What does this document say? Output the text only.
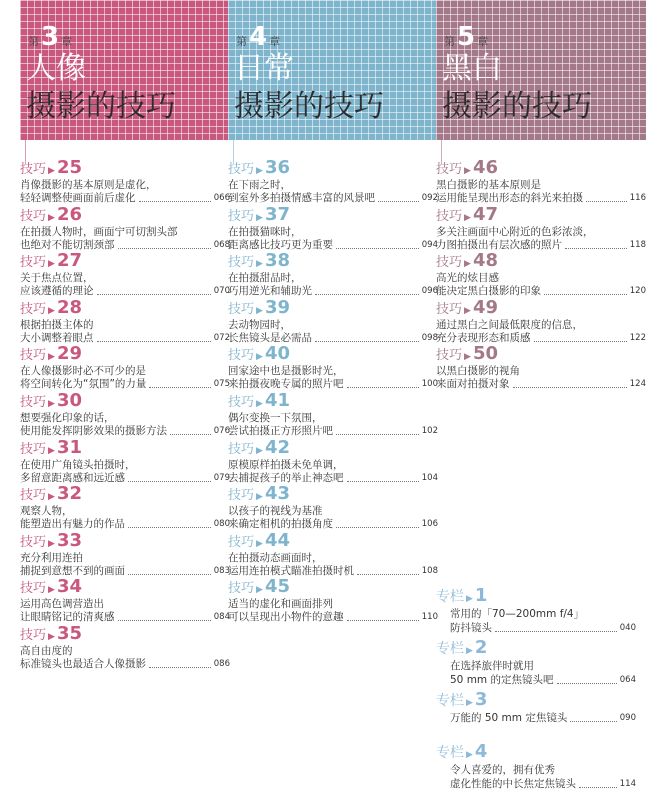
第 3 章
人像
摄影的技巧
技巧 ▶ 25
肖像摄影的基本原则是虚化，
轻轻调整使画面前后虚化	066
技巧 ▶ 26
在拍摄人物时，画面宁可切割头部
也绝对不能切割颈部	068
技巧 ▶ 27
关于焦点位置，
应该遵循的理论	070
技巧 ▶ 28
根据拍摄主体的
大小调整着眼点	072
技巧 ▶ 29
在人像摄影时必不可少的是
将空间转化为“氛围”的力量	075
技巧 ▶ 30
想要强化印象的话，
使用能发挥阴影效果的摄影方法	076
技巧 ▶ 31
在使用广角镜头拍摄时，
多留意距离感和远近感	079
技巧 ▶ 32
观察人物，
能塑造出有魅力的作品	080
技巧 ▶ 33
充分利用连拍
捕捉到意想不到的画面	083
技巧 ▶ 34
运用高色调营造出
让眼睛铭记的清爽感	084
技巧 ▶ 35
高自由度的
标准镜头也最适合人像摄影	086
第 4 章
日常
摄影的技巧
技巧 ▶ 36
在下雨之时，
到室外多拍摄情感丰富的风景吧	092
技巧 ▶ 37
在拍摄猫咪时，
距离感比技巧更为重要	094
技巧 ▶ 38
在拍摄甜品时，
巧用逆光和辅助光	096
技巧 ▶ 39
去动物园时，
长焦镜头是必需品	098
技巧 ▶ 40
回家途中也是摄影时光，
来拍摄夜晚专属的照片吧	100
技巧 ▶ 41
偶尔变换一下氛围，
尝试拍摄正方形照片吧	102
技巧 ▶ 42
原模原样拍摄未免单调，
去捕捉孩子的举止神态吧	104
技巧 ▶ 43
以孩子的视线为基准
来确定相机的拍摄角度	106
技巧 ▶ 44
在拍摄动态画面时，
运用连拍模式瞄准拍摄时机	108
技巧 ▶ 45
适当的虚化和画面排列
可以呈现出小物件的意趣	110
第 5 章
黑白
摄影的技巧
技巧 ▶ 46
黑白摄影的基本原则是
运用能呈现出形态的斜光来拍摄	116
技巧 ▶ 47
多关注画面中心附近的色彩浓淡，
力图拍摄出有层次感的照片	118
技巧 ▶ 48
高光的炫目感
能决定黑白摄影的印象	120
技巧 ▶ 49
通过黑白之间最低限度的信息，
充分表现形态和质感	122
技巧 ▶ 50
以黑白摄影的视角
来面对拍摄对象	124
专栏 ▶ 1
常用的「70—200mm f/4」
防抖镜头	040
专栏 ▶ 2
在选择旅伴时就用
50 mm 的定焦镜头吧	064
专栏 ▶ 3
万能的 50 mm 定焦镜头	090
专栏 ▶ 4
令人喜爱的，拥有优秀
虚化性能的中长焦定焦镜头	114
